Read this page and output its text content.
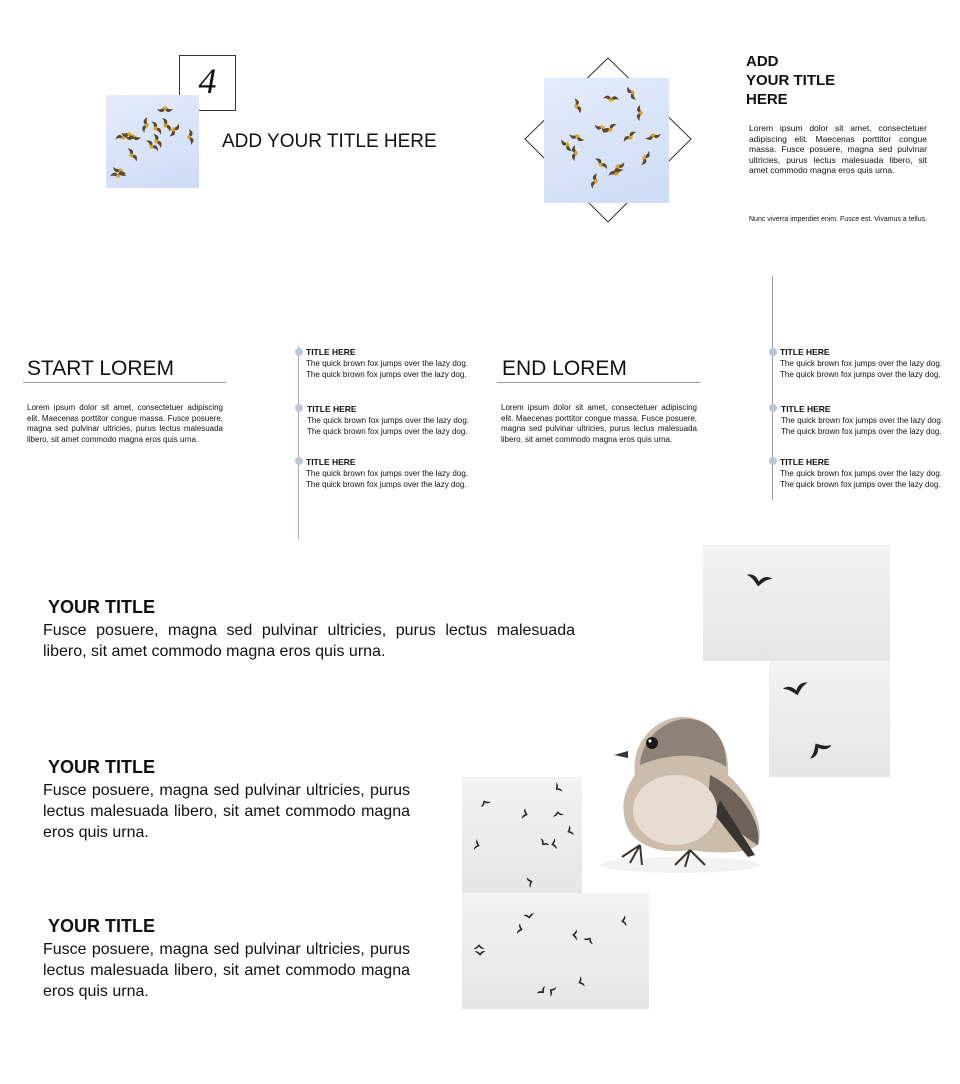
4
ADD YOUR TITLE HERE
ADD
YOUR TITLE
HERE
Lorem ipsum dolor sit amet, consectetuer adipiscing elit. Maecenas porttitor congue massa. Fusce posuere, magna sed pulvinar ultricies, purus lectus malesuada libero, sit amet commodo magna eros quis urna.
Nunc viverra imperdiet enim. Fusce est. Vivamus a tellus.
START LOREM
Lorem ipsum dolor sit amet, consectetuer adipiscing elit. Maecenas porttitor congue massa. Fusce posuere, magna sed pulvinar ultricies, purus lectus malesuada libero, sit amet commodo magna eros quis urna.
TITLE HERE
The quick brown fox jumps over the lazy dog. The quick brown fox jumps over the lazy dog.
TITLE HERE
The quick brown fox jumps over the lazy dog. The quick brown fox jumps over the lazy dog.
TITLE HERE
The quick brown fox jumps over the lazy dog. The quick brown fox jumps over the lazy dog.
END LOREM
Lorem ipsum dolor sit amet, consectetuer adipiscing elit. Maecenas porttitor congue massa. Fusce posuere, magna sed pulvinar ultricies, purus lectus malesuada libero, sit amet commodo magna eros quis urna.
TITLE HERE
The quick brown fox jumps over the lazy dog. The quick brown fox jumps over the lazy dog.
TITLE HERE
The quick brown fox jumps over the lazy dog. The quick brown fox jumps over the lazy dog.
TITLE HERE
The quick brown fox jumps over the lazy dog. The quick brown fox jumps over the lazy dog.
YOUR TITLE
Fusce posuere, magna sed pulvinar ultricies, purus lectus malesuada libero, sit amet commodo magna eros quis urna.
YOUR TITLE
Fusce posuere, magna sed pulvinar ultricies, purus lectus malesuada libero, sit amet commodo magna eros quis urna.
YOUR TITLE
Fusce posuere, magna sed pulvinar ultricies, purus lectus malesuada libero, sit amet commodo magna eros quis urna.
